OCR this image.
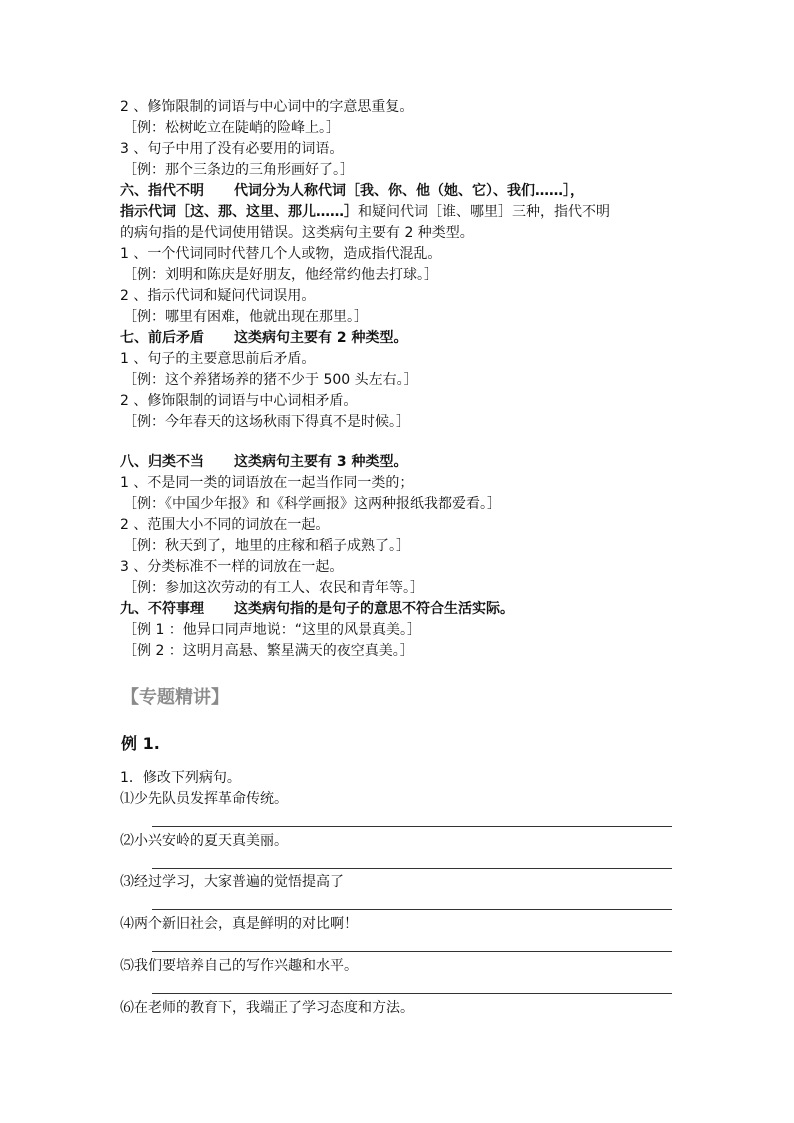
2 、修饰限制的词语与中心词中的字意思重复。
［例：松树屹立在陡峭的险峰上。］
3 、句子中用了没有必要用的词语。
［例：那个三条边的三角形画好了。］
六、指代不明 代词分为人称代词［我、你、他（她、它）、我们……］，
指示代词［这、那、这里、那儿……］和疑问代词［谁、哪里］三种，指代不明
的病句指的是代词使用错误。这类病句主要有 2 种类型。
1 、一个代词同时代替几个人或物，造成指代混乱。
［例：刘明和陈庆是好朋友，他经常约他去打球。］
2 、指示代词和疑问代词误用。
［例：哪里有困难，他就出现在那里。］
七、前后矛盾 这类病句主要有 2 种类型。
1 、句子的主要意思前后矛盾。
［例：这个养猪场养的猪不少于 500 头左右。］
2 、修饰限制的词语与中心词相矛盾。
［例：今年春天的这场秋雨下得真不是时候。］
八、归类不当 这类病句主要有 3 种类型。
1 、不是同一类的词语放在一起当作同一类的；
［例：《中国少年报》和《科学画报》这两种报纸我都爱看。］
2 、范围大小不同的词放在一起。
［例：秋天到了，地里的庄稼和稻子成熟了。］
3 、分类标准不一样的词放在一起。
［例：参加这次劳动的有工人、农民和青年等。］
九、不符事理 这类病句指的是句子的意思不符合生活实际。
［例 1 ：他异口同声地说：“这里的风景真美。］
［例 2 ：这明月高悬、繁星满天的夜空真美。］
【专题精讲】
例 1.
1．修改下列病句。
⑴少先队员发挥革命传统。
⑵小兴安岭的夏天真美丽。
⑶经过学习，大家普遍的觉悟提高了
⑷两个新旧社会，真是鲜明的对比啊！
⑸我们要培养自己的写作兴趣和水平。
⑹在老师的教育下，我端正了学习态度和方法。
